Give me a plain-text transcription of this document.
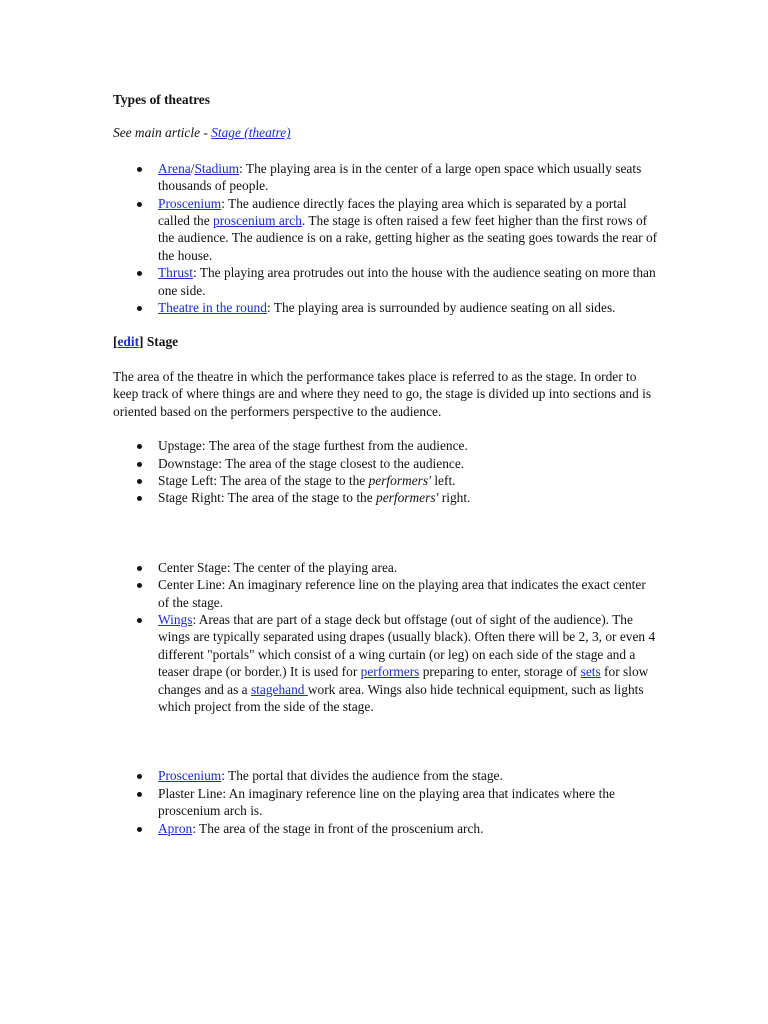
Types of theatres

See main article - Stage (theatre)

Arena/Stadium: The playing area is in the center of a large open space which usually seats thousands of people.
Proscenium: The audience directly faces the playing area which is separated by a portal called the proscenium arch. The stage is often raised a few feet higher than the first rows of the audience. The audience is on a rake, getting higher as the seating goes towards the rear of the house.
Thrust: The playing area protrudes out into the house with the audience seating on more than one side.
Theatre in the round: The playing area is surrounded by audience seating on all sides.
[edit] Stage

The area of the theatre in which the performance takes place is referred to as the stage. In order to keep track of where things are and where they need to go, the stage is divided up into sections and is oriented based on the performers perspective to the audience.

Upstage: The area of the stage furthest from the audience.
Downstage: The area of the stage closest to the audience.
Stage Left: The area of the stage to the performers' left.
Stage Right: The area of the stage to the performers' right.
Center Stage: The center of the playing area.
Center Line: An imaginary reference line on the playing area that indicates the exact center of the stage.
Wings: Areas that are part of a stage deck but offstage (out of sight of the audience). The wings are typically separated using drapes (usually black). Often there will be 2, 3, or even 4 different "portals" which consist of a wing curtain (or leg) on each side of the stage and a teaser drape (or border.) It is used for performers preparing to enter, storage of sets for slow changes and as a stagehand work area. Wings also hide technical equipment, such as lights which project from the side of the stage.
Proscenium: The portal that divides the audience from the stage.
Plaster Line: An imaginary reference line on the playing area that indicates where the proscenium arch is.
Apron: The area of the stage in front of the proscenium arch.
